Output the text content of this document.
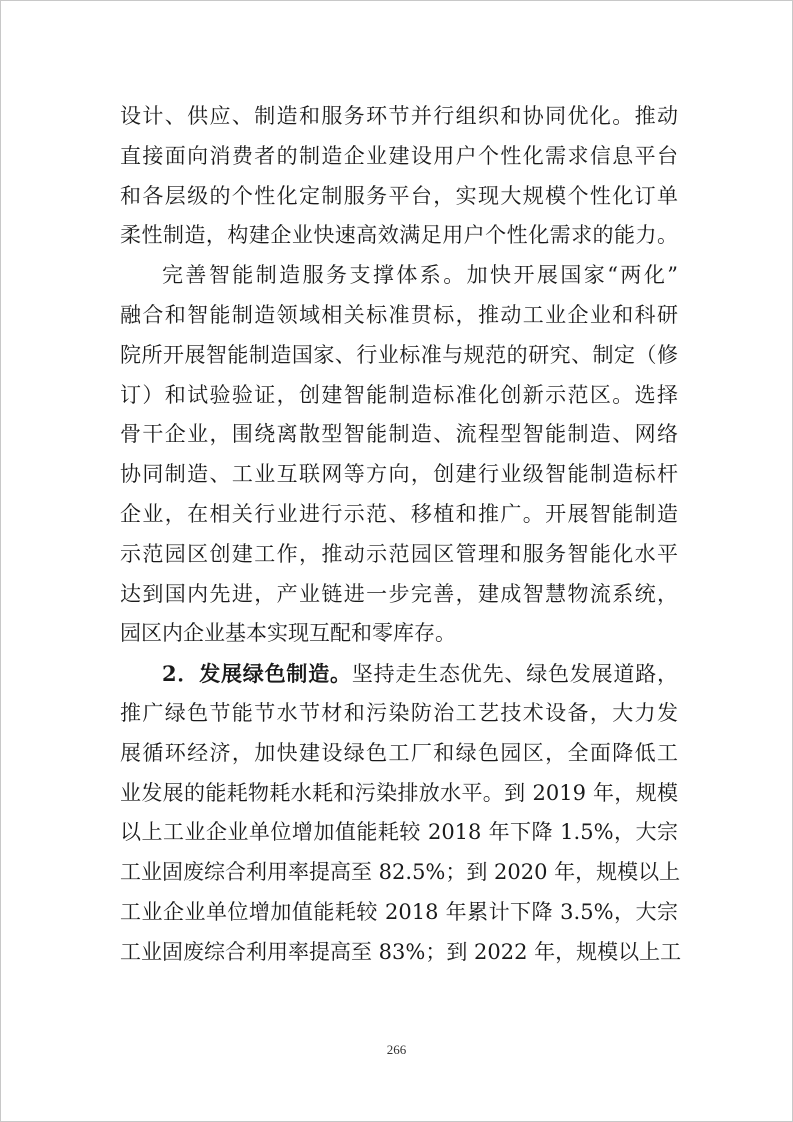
设计、供应、制造和服务环节并行组织和协同优化。推动
直接面向消费者的制造企业建设用户个性化需求信息平台
和各层级的个性化定制服务平台，实现大规模个性化订单
柔性制造，构建企业快速高效满足用户个性化需求的能力。
完善智能制造服务支撑体系。加快开展国家“两化”
融合和智能制造领域相关标准贯标，推动工业企业和科研
院所开展智能制造国家、行业标准与规范的研究、制定（修
订）和试验验证，创建智能制造标准化创新示范区。选择
骨干企业，围绕离散型智能制造、流程型智能制造、网络
协同制造、工业互联网等方向，创建行业级智能制造标杆
企业，在相关行业进行示范、移植和推广。开展智能制造
示范园区创建工作，推动示范园区管理和服务智能化水平
达到国内先进，产业链进一步完善，建成智慧物流系统，
园区内企业基本实现互配和零库存。
2．发展绿色制造。坚持走生态优先、绿色发展道路，
推广绿色节能节水节材和污染防治工艺技术设备，大力发
展循环经济，加快建设绿色工厂和绿色园区，全面降低工
业发展的能耗物耗水耗和污染排放水平。到 2019 年，规模
以上工业企业单位增加值能耗较 2018 年下降 1.5%，大宗
工业固废综合利用率提高至 82.5%；到 2020 年，规模以上
工业企业单位增加值能耗较 2018 年累计下降 3.5%，大宗
工业固废综合利用率提高至 83%；到 2022 年，规模以上工
266
